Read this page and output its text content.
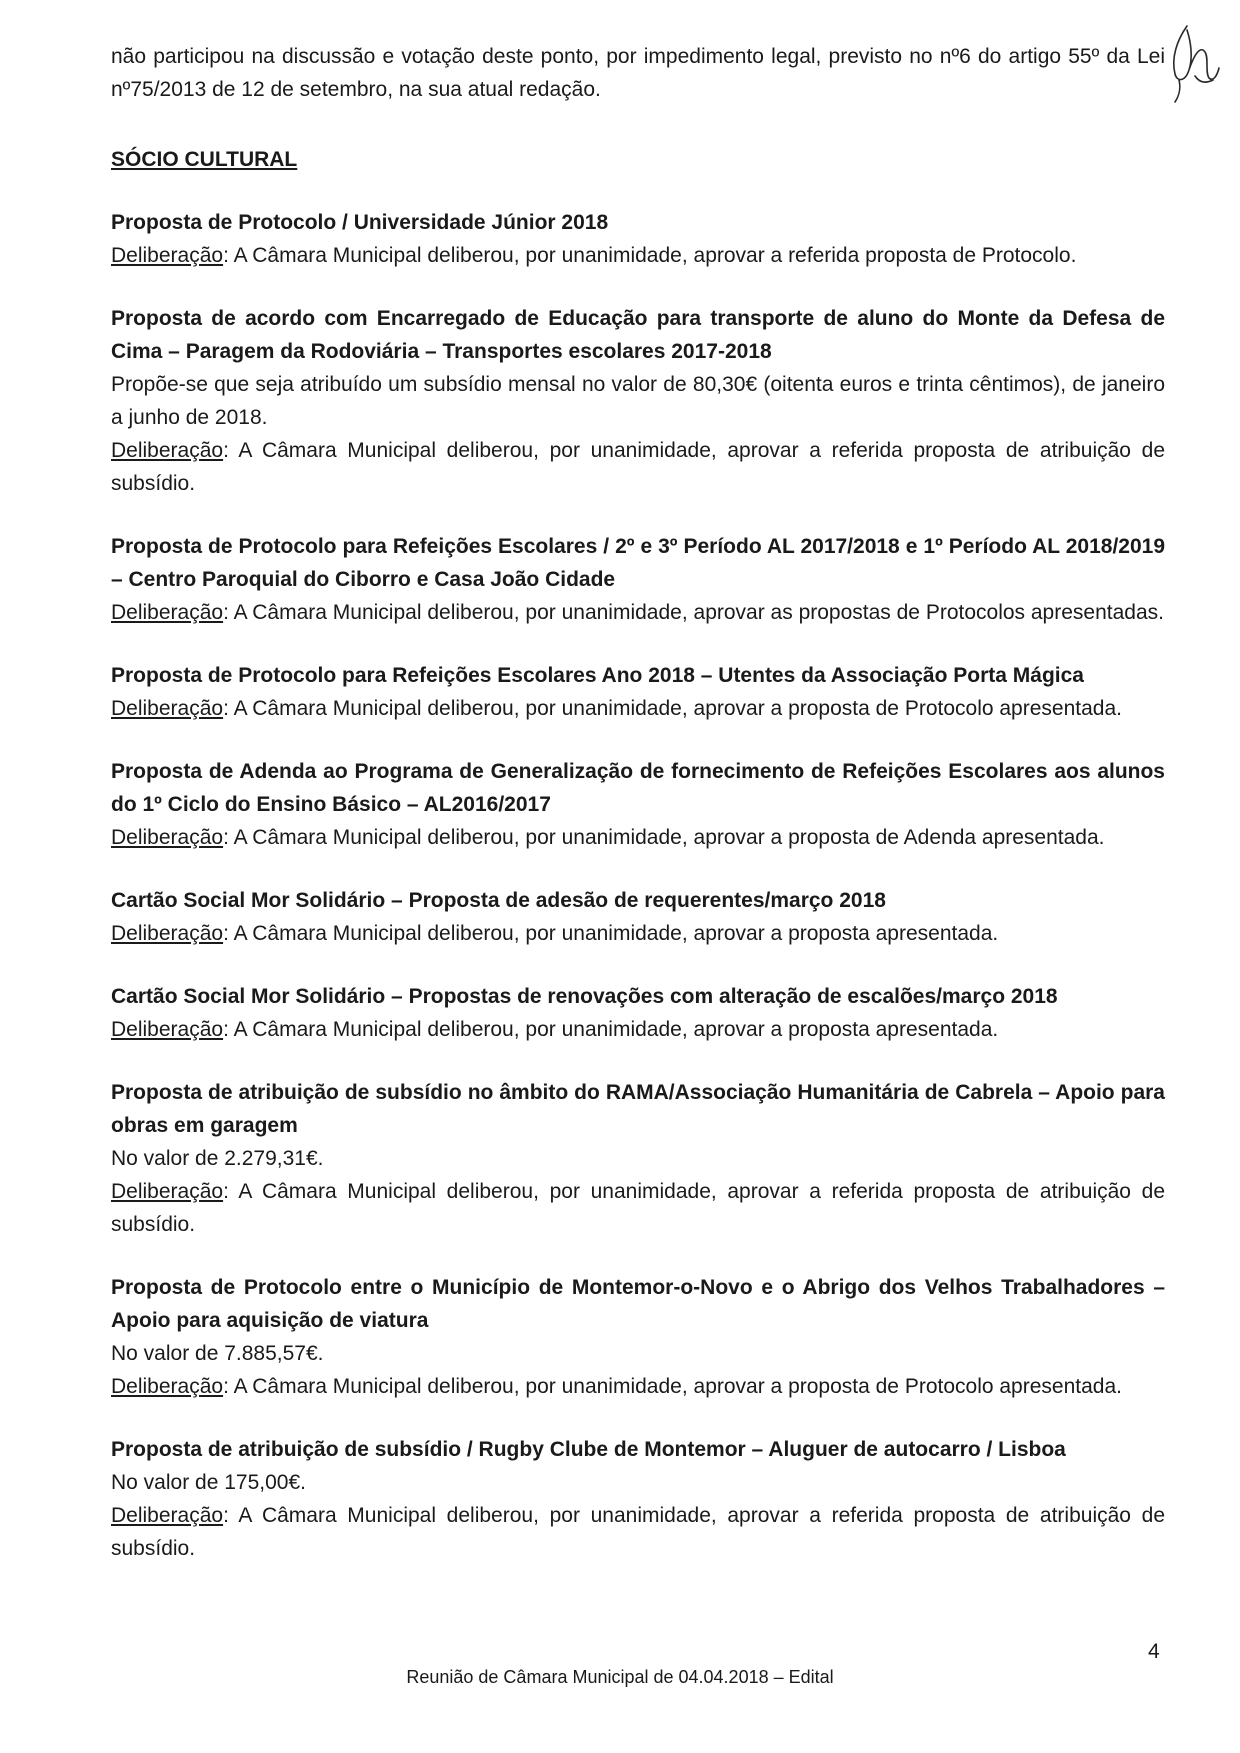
não participou na discussão e votação deste ponto, por impedimento legal, previsto no nº6 do artigo 55º da Lei nº75/2013 de 12 de setembro, na sua atual redação.

SÓCIO CULTURAL

Proposta de Protocolo / Universidade Júnior 2018

Deliberação: A Câmara Municipal deliberou, por unanimidade, aprovar a referida proposta de Protocolo.

Proposta de acordo com Encarregado de Educação para transporte de aluno do Monte da Defesa de Cima – Paragem da Rodoviária – Transportes escolares 2017-2018

Propõe-se que seja atribuído um subsídio mensal no valor de 80,30€ (oitenta euros e trinta cêntimos), de janeiro a junho de 2018.

Deliberação: A Câmara Municipal deliberou, por unanimidade, aprovar a referida proposta de atribuição de subsídio.

Proposta de Protocolo para Refeições Escolares / 2º e 3º Período AL 2017/2018 e 1º Período AL 2018/2019 – Centro Paroquial do Ciborro e Casa João Cidade

Deliberação: A Câmara Municipal deliberou, por unanimidade, aprovar as propostas de Protocolos apresentadas.

Proposta de Protocolo para Refeições Escolares Ano 2018 – Utentes da Associação Porta Mágica

Deliberação: A Câmara Municipal deliberou, por unanimidade, aprovar a proposta de Protocolo apresentada.

Proposta de Adenda ao Programa de Generalização de fornecimento de Refeições Escolares aos alunos do 1º Ciclo do Ensino Básico – AL2016/2017

Deliberação: A Câmara Municipal deliberou, por unanimidade, aprovar a proposta de Adenda apresentada.

Cartão Social Mor Solidário – Proposta de adesão de requerentes/março 2018

Deliberação: A Câmara Municipal deliberou, por unanimidade, aprovar a proposta apresentada.

Cartão Social Mor Solidário – Propostas de renovações com alteração de escalões/março 2018

Deliberação: A Câmara Municipal deliberou, por unanimidade, aprovar a proposta apresentada.

Proposta de atribuição de subsídio no âmbito do RAMA/Associação Humanitária de Cabrela – Apoio para obras em garagem

No valor de 2.279,31€.

Deliberação: A Câmara Municipal deliberou, por unanimidade, aprovar a referida proposta de atribuição de subsídio.

Proposta de Protocolo entre o Município de Montemor-o-Novo e o Abrigo dos Velhos Trabalhadores – Apoio para aquisição de viatura

No valor de 7.885,57€.

Deliberação: A Câmara Municipal deliberou, por unanimidade, aprovar a proposta de Protocolo apresentada.

Proposta de atribuição de subsídio / Rugby Clube de Montemor – Aluguer de autocarro / Lisboa

No valor de 175,00€.

Deliberação: A Câmara Municipal deliberou, por unanimidade, aprovar a referida proposta de atribuição de subsídio.

4
Reunião de Câmara Municipal de 04.04.2018 – Edital
